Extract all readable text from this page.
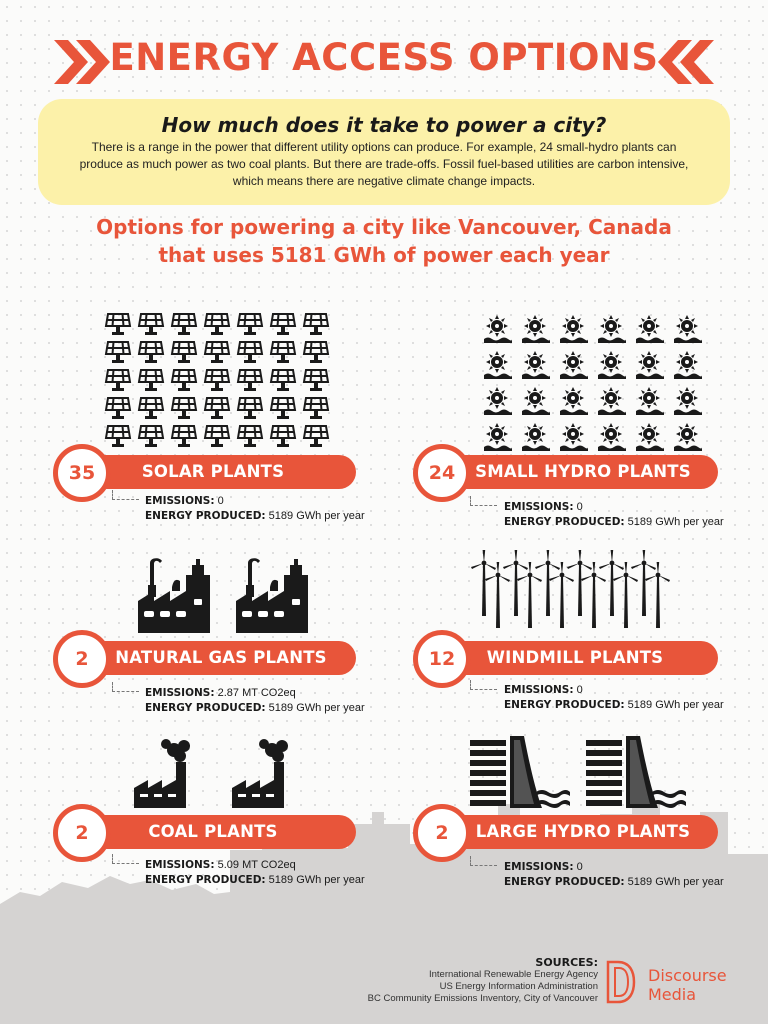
ENERGY ACCESS OPTIONS
How much does it take to power a city?

There is a range in the power that different utility options can produce. For example, 24 small-hydro plants can produce as much power as two coal plants. But there are trade-offs. Fossil fuel-based utilities are carbon intensive, which means there are negative climate change impacts.

Options for powering a city like Vancouver, Canada
that uses 5181 GWh of power each year
SOLAR PLANTS
35
EMISSIONS: 0
ENERGY PRODUCED: 5189 GWh per year
SMALL HYDRO PLANTS
24
EMISSIONS: 0
ENERGY PRODUCED: 5189 GWh per year
NATURAL GAS PLANTS
2
EMISSIONS: 2.87 MT CO2eq
ENERGY PRODUCED: 5189 GWh per year
WINDMILL PLANTS
12
EMISSIONS: 0
ENERGY PRODUCED: 5189 GWh per year
COAL PLANTS
2
EMISSIONS: 5.09 MT CO2eq
ENERGY PRODUCED: 5189 GWh per year
LARGE HYDRO PLANTS
2
EMISSIONS: 0
ENERGY PRODUCED: 5189 GWh per year
SOURCES:
International Renewable Energy Agency
US Energy Information Administration
BC Community Emissions Inventory, City of Vancouver
Discourse
Media
